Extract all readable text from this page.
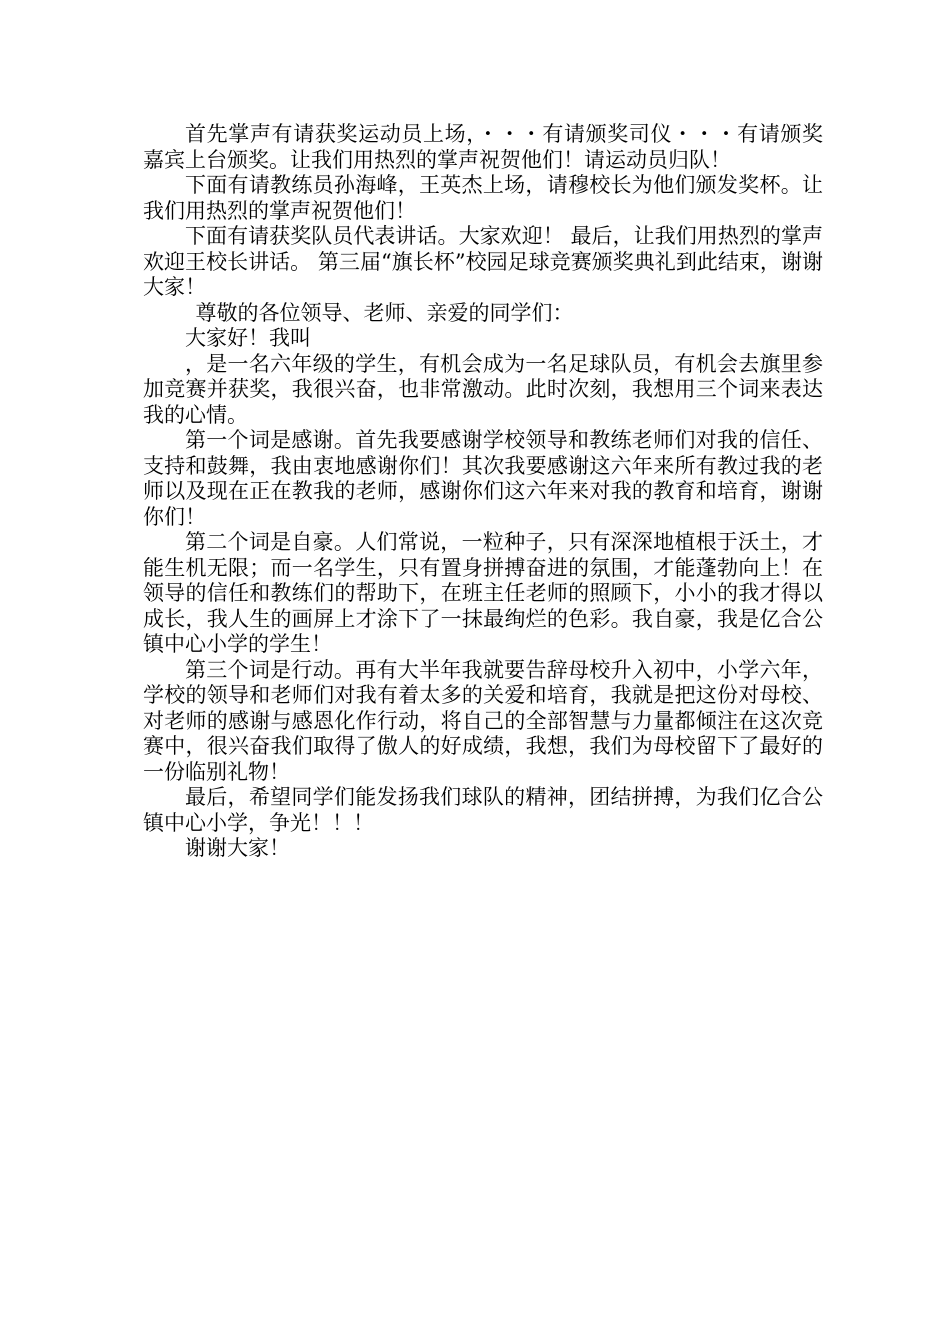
首先掌声有请获奖运动员上场，・・・有请颁奖司仪・・・有请颁奖嘉宾上台颁奖。让我们用热烈的掌声祝贺他们！请运动员归队！

下面有请教练员孙海峰，王英杰上场，请穆校长为他们颁发奖杯。让我们用热烈的掌声祝贺他们！

下面有请获奖队员代表讲话。大家欢迎！ 最后，让我们用热烈的掌声欢迎王校长讲话。 第三届“旗长杯”校园足球竞赛颁奖典礼到此结束，谢谢大家！

尊敬的各位领导、老师、亲爱的同学们：

大家好！我叫

，是一名六年级的学生，有机会成为一名足球队员，有机会去旗里参加竞赛并获奖，我很兴奋，也非常激动。此时次刻，我想用三个词来表达我的心情。

第一个词是感谢。首先我要感谢学校领导和教练老师们对我的信任、支持和鼓舞，我由衷地感谢你们！其次我要感谢这六年来所有教过我的老师以及现在正在教我的老师，感谢你们这六年来对我的教育和培育，谢谢你们！

第二个词是自豪。人们常说，一粒种子，只有深深地植根于沃土，才能生机无限；而一名学生，只有置身拼搏奋进的氛围，才能蓬勃向上！在领导的信任和教练们的帮助下，在班主任老师的照顾下，小小的我才得以成长，我人生的画屏上才涂下了一抹最绚烂的色彩。我自豪，我是亿合公镇中心小学的学生！

第三个词是行动。再有大半年我就要告辞母校升入初中，小学六年，学校的领导和老师们对我有着太多的关爱和培育，我就是把这份对母校、对老师的感谢与感恩化作行动，将自己的全部智慧与力量都倾注在这次竞赛中，很兴奋我们取得了傲人的好成绩，我想，我们为母校留下了最好的一份临别礼物！

最后，希望同学们能发扬我们球队的精神，团结拼搏，为我们亿合公镇中心小学，争光！！！

谢谢大家！
